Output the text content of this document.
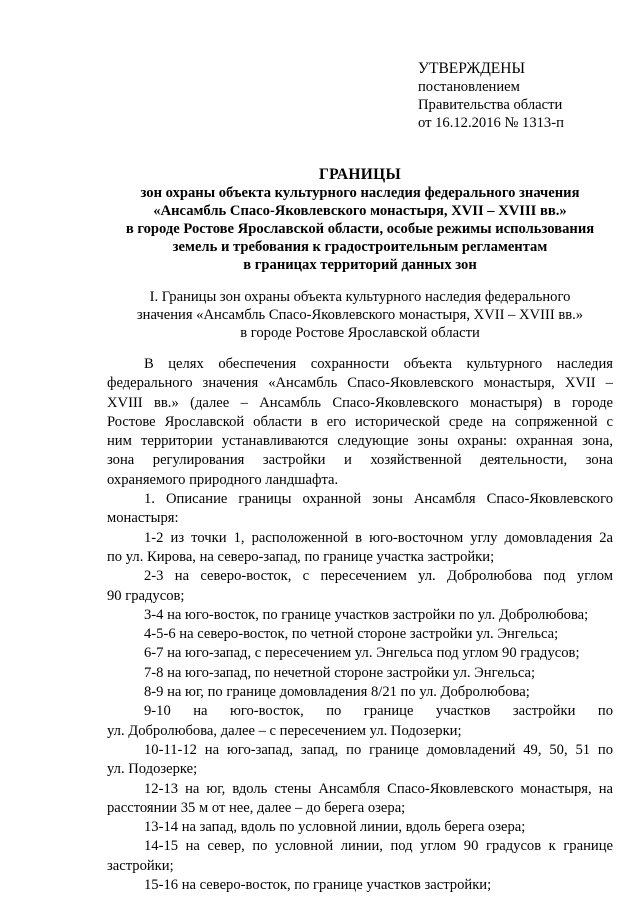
УТВЕРЖДЕНЫ
постановлением
Правительства области
от 16.12.2016 № 1313-п
ГРАНИЦЫ
зон охраны объекта культурного наследия федерального значения
«Ансамбль Спасо-Яковлевского монастыря, XVII – XVIII вв.»
в городе Ростове Ярославской области, особые режимы использования
земель и требования к градостроительным регламентам
в границах территорий данных зон
I. Границы зон охраны объекта культурного наследия федерального
значения «Ансамбль Спасо-Яковлевского монастыря, XVII – XVIII вв.»
в городе Ростове Ярославской области
В целях обеспечения сохранности объекта культурного наследия
федерального значения «Ансамбль Спасо-Яковлевского монастыря, XVII –
XVIII вв.» (далее – Ансамбль Спасо-Яковлевского монастыря) в городе
Ростове Ярославской области в его исторической среде на сопряженной с
ним территории устанавливаются следующие зоны охраны: охранная зона,
зона регулирования застройки и хозяйственной деятельности, зона
охраняемого природного ландшафта.
1. Описание границы охранной зоны Ансамбля Спасо-Яковлевского
монастыря:
1-2 из точки 1, расположенной в юго-восточном углу домовладения 2а
по ул. Кирова, на северо-запад, по границе участка застройки;
2-3 на северо-восток, с пересечением ул. Добролюбова под углом
90 градусов;
3-4 на юго-восток, по границе участков застройки по ул. Добролюбова;
4-5-6 на северо-восток, по четной стороне застройки ул. Энгельса;
6-7 на юго-запад, с пересечением ул. Энгельса под углом 90 градусов;
7-8 на юго-запад, по нечетной стороне застройки ул. Энгельса;
8-9 на юг, по границе домовладения 8/21 по ул. Добролюбова;
9-10 на юго-восток, по границе участков застройки по
ул. Добролюбова, далее – с пересечением ул. Подозерки;
10-11-12 на юго-запад, запад, по границе домовладений 49, 50, 51 по
ул. Подозерке;
12-13 на юг, вдоль стены Ансамбля Спасо-Яковлевского монастыря, на
расстоянии 35 м от нее, далее – до берега озера;
13-14 на запад, вдоль по условной линии, вдоль берега озера;
14-15 на север, по условной линии, под углом 90 градусов к границе
застройки;
15-16 на северо-восток, по границе участков застройки;
